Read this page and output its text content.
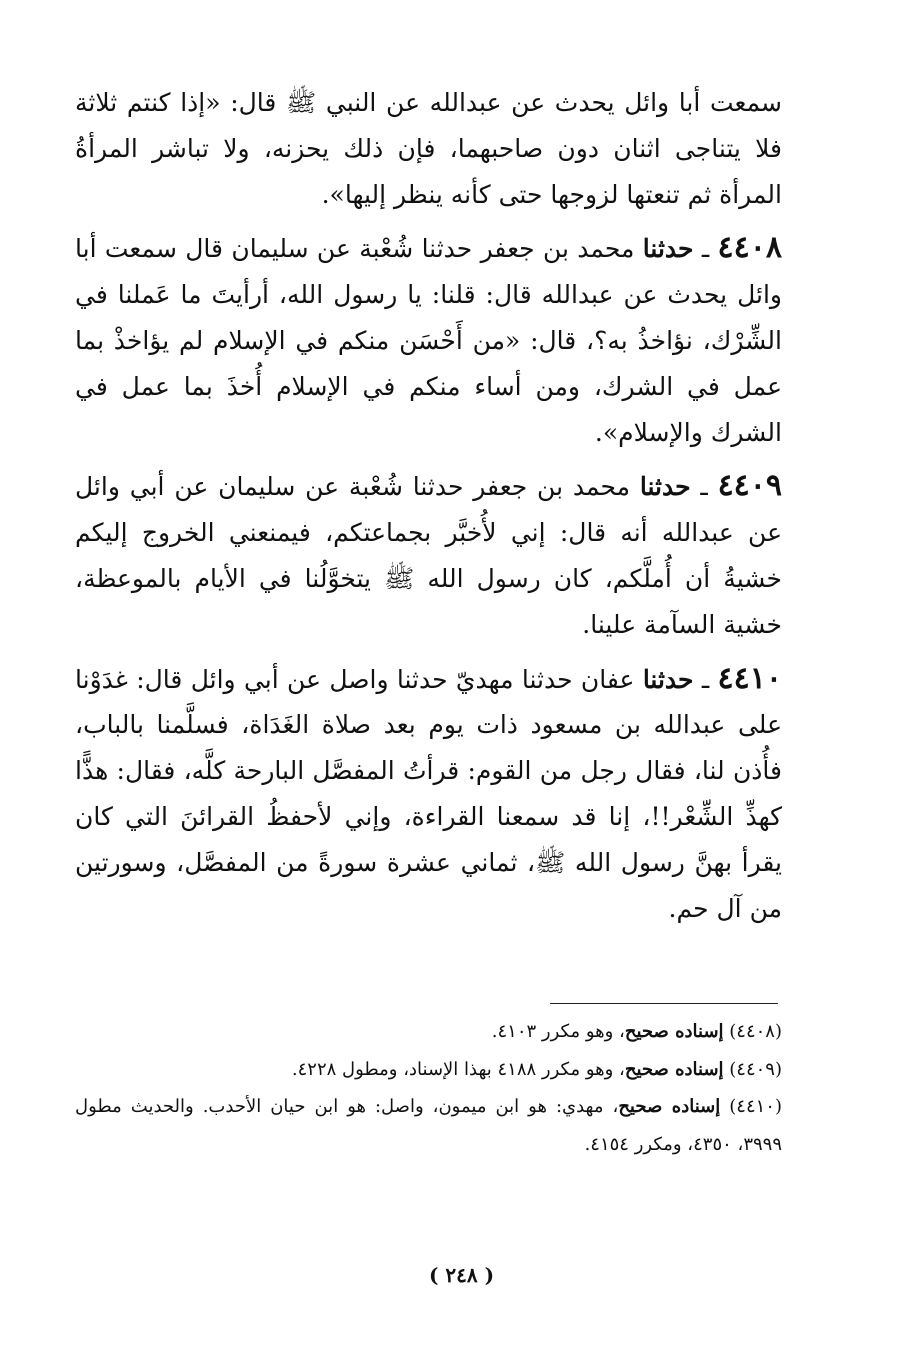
سمعت أبا وائل يحدث عن عبدالله عن النبي ﷺ قال: «إذا كنتم ثلاثة فلا يتناجى اثنان دون صاحبهما، فإن ذلك يحزنه، ولا تباشر المرأةُ المرأة ثم تنعتها لزوجها حتى كأنه ينظر إليها».

٤٤٠٨ ـ حدثنا محمد بن جعفر حدثنا شُعْبة عن سليمان قال سمعت أبا وائل يحدث عن عبدالله قال: قلنا: يا رسول الله، أرأيتَ ما عَملنا في الشِّرْك، نؤاخذُ به؟، قال: «من أَحْسَن منكم في الإسلام لم يؤاخذْ بما عمل في الشرك، ومن أساء منكم في الإسلام أُخذَ بما عمل في الشرك والإسلام».

٤٤٠٩ ـ حدثنا محمد بن جعفر حدثنا شُعْبة عن سليمان عن أبي وائل عن عبدالله أنه قال: إني لأُخبَّر بجماعتكم، فيمنعني الخروج إليكم خشيةُ أن أُملَّكم، كان رسول الله ﷺ يتخوَّلُنا في الأيام بالموعظة، خشية السآمة علينا.

٤٤١٠ ـ حدثنا عفان حدثنا مهديّ حدثنا واصل عن أبي وائل قال: غدَوْنا على عبدالله بن مسعود ذات يوم بعد صلاة الغَدَاة، فسلَّمنا بالباب، فأُذن لنا، فقال رجل من القوم: قرأتُ المفصَّل البارحة كلَّه، فقال: هذًّا كهذِّ الشِّعْر!!، إنا قد سمعنا القراءة، وإني لأحفظُ القرائنَ التي كان يقرأ بهنَّ رسول الله ﷺ، ثماني عشرة سورةً من المفصَّل، وسورتين من آل حم.

(٤٤٠٨) إسناده صحيح، وهو مكرر ٤١٠٣.

(٤٤٠٩) إسناده صحيح، وهو مكرر ٤١٨٨ بهذا الإسناد، ومطول ٤٢٢٨.

(٤٤١٠) إسناده صحيح، مهدي: هو ابن ميمون، واصل: هو ابن حيان الأحدب. والحديث مطول ٣٩٩٩، ٤٣٥٠، ومكرر ٤١٥٤.

( ٢٤٨ )
